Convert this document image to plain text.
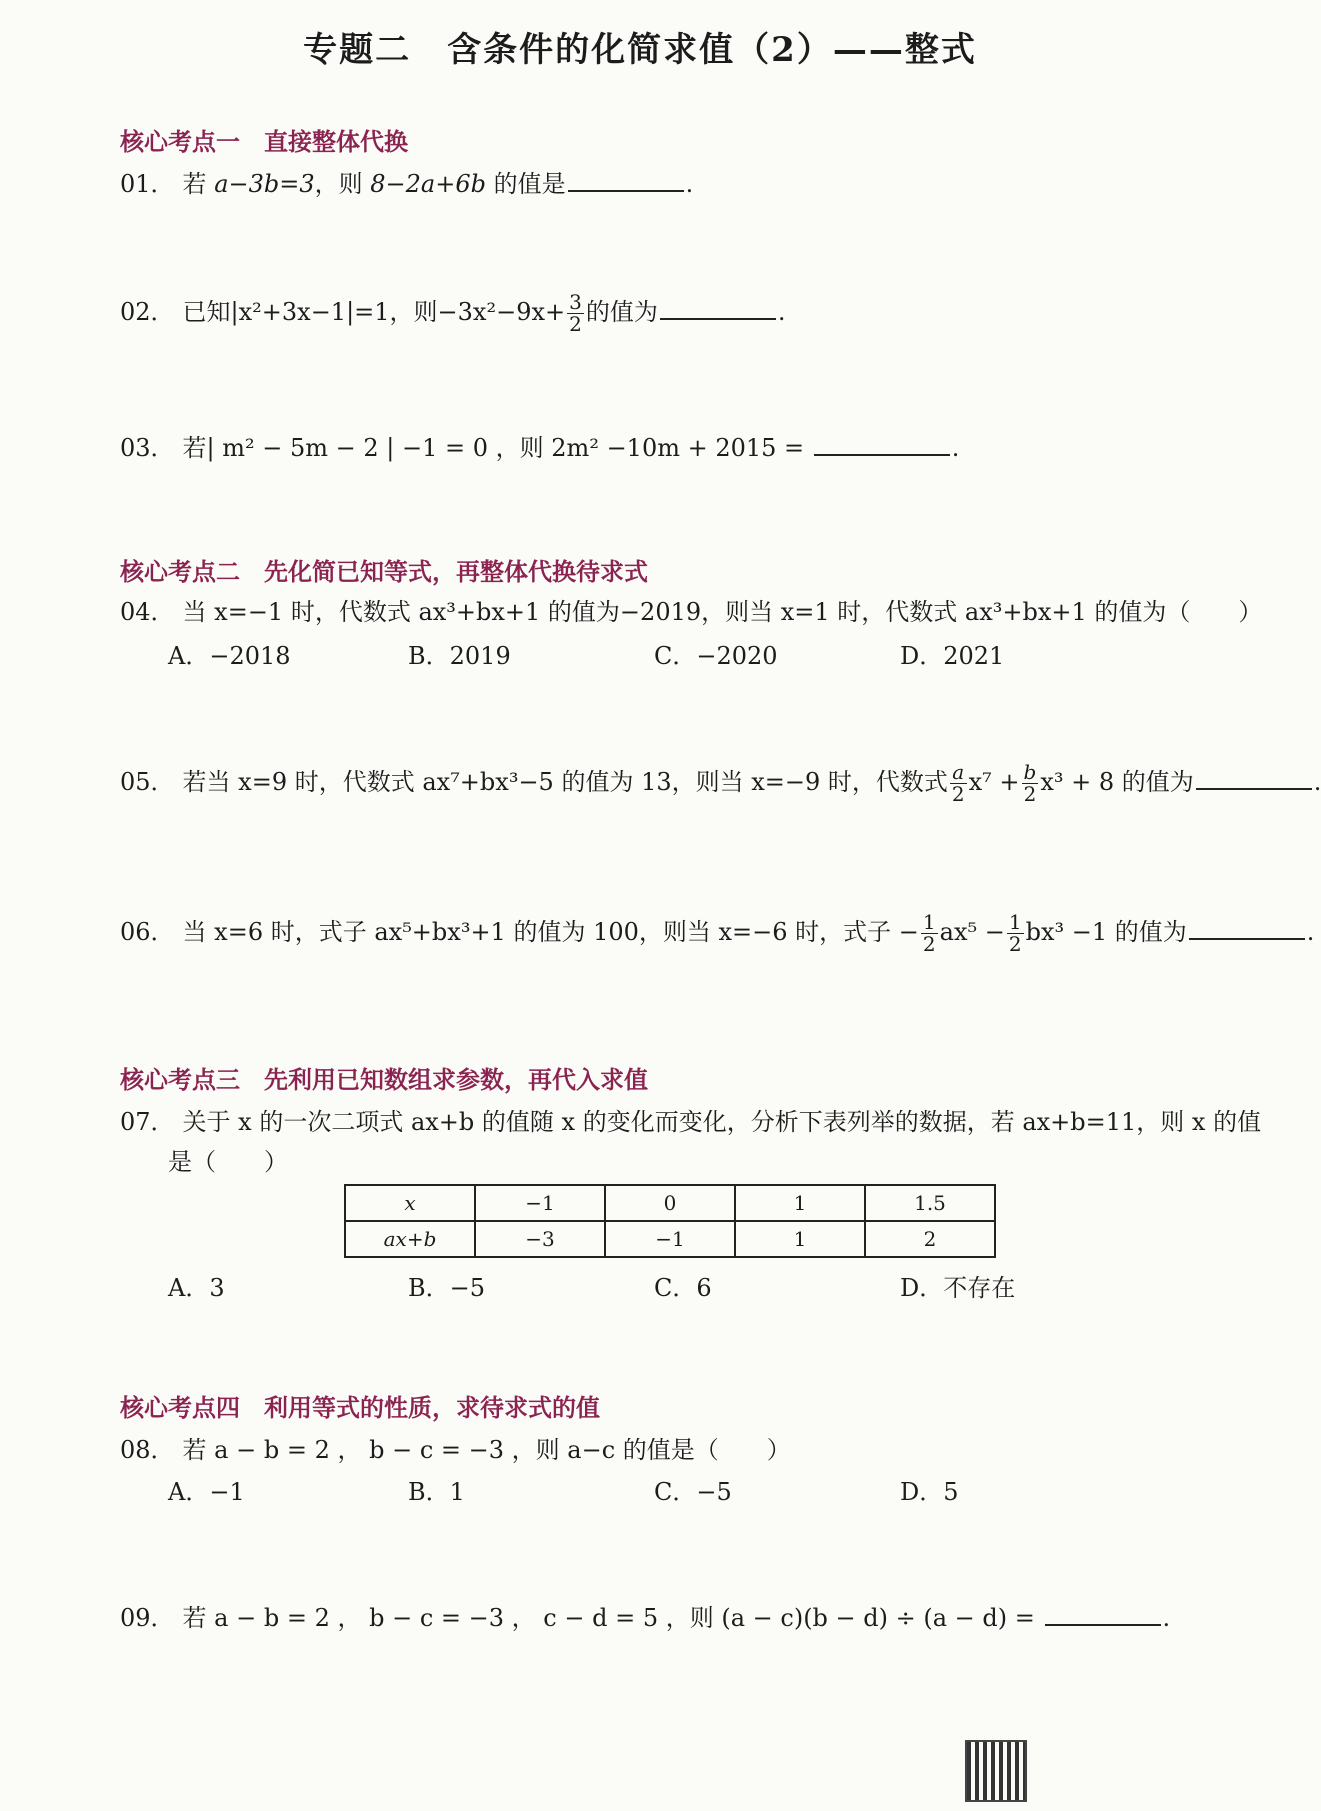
专题二　含条件的化简求值（2）——整式
核心考点一　直接整体代换
01． 若 a−3b=3，则 8−2a+6b 的值是	.
02． 已知|x²+3x−1|=1，则$-3x^2-9x+ \frac{3}{2}$ 的值为	.
03． 若| m² − 5m − 2 | −1 = 0 ，则 2m² −10m + 2015 =	.
核心考点二　先化简已知等式，再整体代换待求式
04． 当 x=−1 时，代数式 ax³+bx+1 的值为−2019，则当 x=1 时，代数式 ax³+bx+1 的值为（　　）
A．−2018	B．2019	C．−2020	D．2021
05． 若当 x=9 时，代数式 ax⁷+bx³−5 的值为 13，则当 x=−9 时，代数式 $\frac{a}{2} x^7 + \frac{b}{2} x^3 + 8$ 的值为	.
06． 当 x=6 时，式子 ax⁵+bx³+1 的值为 100，则当 x=−6 时，式子 − $\frac{1}{2} ax^5 - \frac{1}{2} bx^3 -1$ 的值为	.
核心考点三　先利用已知数组求参数，再代入求值
07． 关于 x 的一次二项式 ax+b 的值随 x 的变化而变化，分析下表列举的数据，若 ax+b=11，则 x 的值
是（　　）
x	−1	0	1	1.5
ax+b	−3	−1	1	2
A．3	B．−5	C．6	D．不存在
核心考点四　利用等式的性质，求待求式的值
08． 若 a − b = 2 ， b − c = −3 ，则 a−c 的值是（　　）
A．−1	B．1	C．−5	D．5
09． 若 a − b = 2 ， b − c = −3 ， c − d = 5 ，则 (a − c)(b − d) ÷ (a − d) =	.
